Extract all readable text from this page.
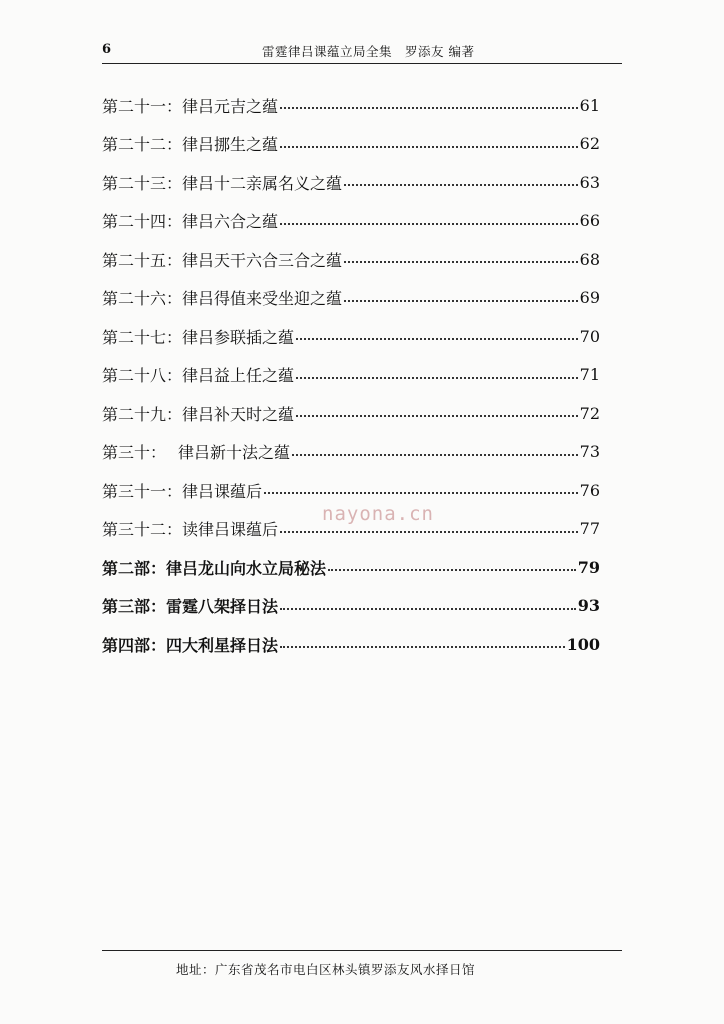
6	雷霆律吕课蕴立局全集　罗添友 编著
第二十一： 律吕元吉之蕴	61
第二十二： 律吕挪生之蕴	62
第二十三： 律吕十二亲属名义之蕴	63
第二十四： 律吕六合之蕴	66
第二十五： 律吕天干六合三合之蕴	68
第二十六： 律吕得值来受坐迎之蕴	69
第二十七： 律吕参联插之蕴	70
第二十八： 律吕益上任之蕴	71
第二十九： 律吕补天时之蕴	72
第三十： 律吕新十法之蕴	73
第三十一： 律吕课蕴后	76
第三十二： 读律吕课蕴后	77
第二部： 律吕龙山向水立局秘法	79
第三部： 雷霆八架择日法	93
第四部： 四大利星择日法	100
nayona.cn
地址：广东省茂名市电白区林头镇罗添友风水择日馆
